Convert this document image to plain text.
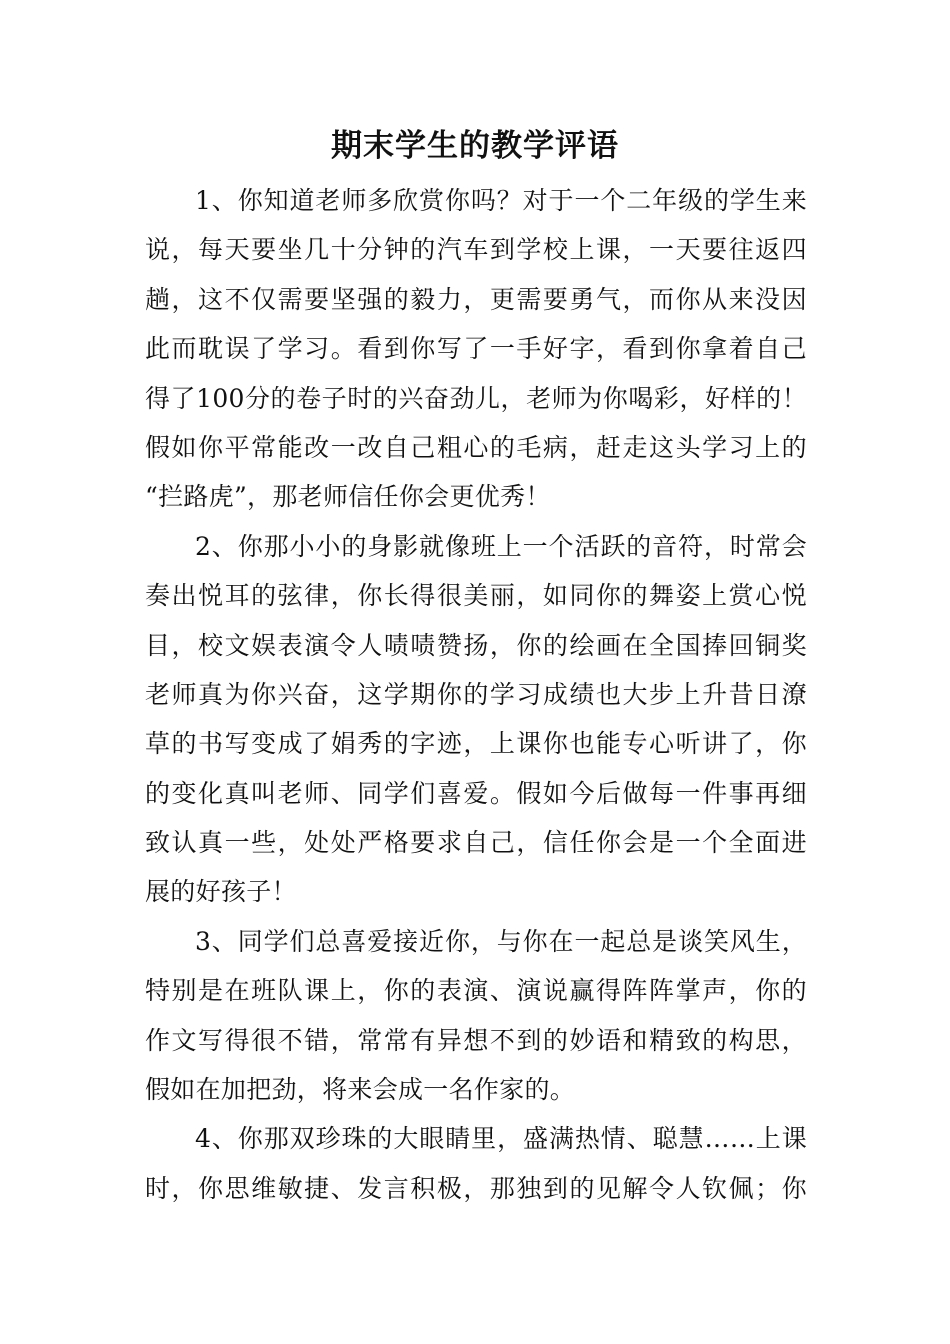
期末学生的教学评语
1、你知道老师多欣赏你吗？对于一个二年级的学生来
说，每天要坐几十分钟的汽车到学校上课，一天要往返四
趟，这不仅需要坚强的毅力，更需要勇气，而你从来没因
此而耽误了学习。看到你写了一手好字，看到你拿着自己
得了100分的卷子时的兴奋劲儿，老师为你喝彩，好样的！
假如你平常能改一改自己粗心的毛病，赶走这头学习上的
“拦路虎”，那老师信任你会更优秀！
2、你那小小的身影就像班上一个活跃的音符，时常会
奏出悦耳的弦律，你长得很美丽，如同你的舞姿上赏心悦
目，校文娱表演令人啧啧赞扬，你的绘画在全国捧回铜奖
老师真为你兴奋，这学期你的学习成绩也大步上升昔日潦
草的书写变成了娟秀的字迹，上课你也能专心听讲了，你
的变化真叫老师、同学们喜爱。假如今后做每一件事再细
致认真一些，处处严格要求自己，信任你会是一个全面进
展的好孩子！
3、同学们总喜爱接近你，与你在一起总是谈笑风生，
特别是在班队课上，你的表演、演说赢得阵阵掌声，你的
作文写得很不错，常常有异想不到的妙语和精致的构思，
假如在加把劲，将来会成一名作家的。
4、你那双珍珠的大眼睛里，盛满热情、聪慧……上课
时，你思维敏捷、发言积极，那独到的见解令人钦佩；你
